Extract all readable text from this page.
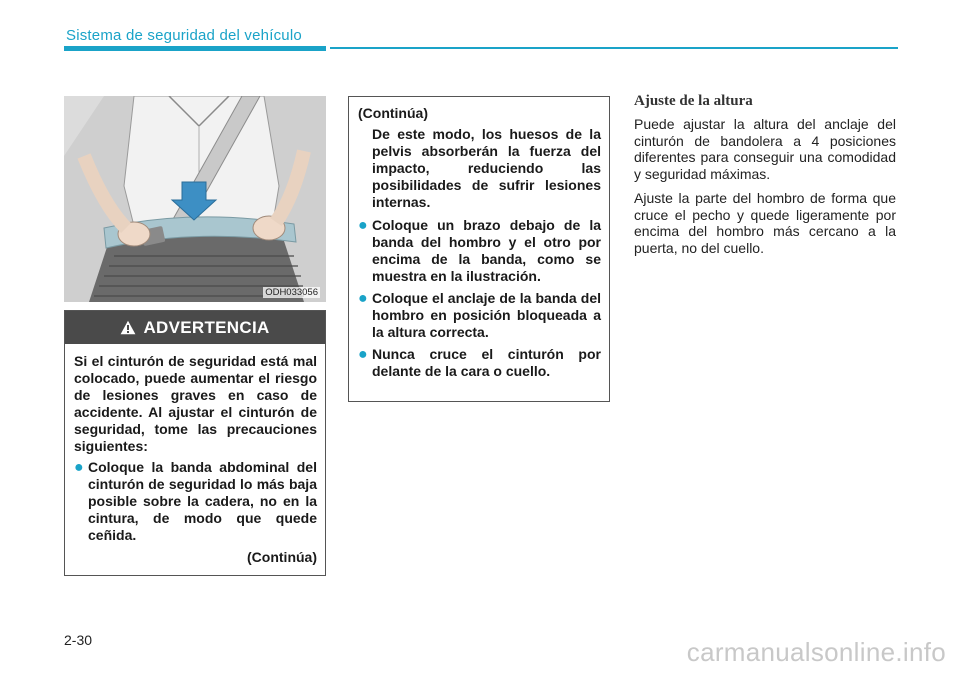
Sistema de seguridad del vehículo
ODH033056
ADVERTENCIA

Si el cinturón de seguridad está mal colocado, puede aumentar el riesgo de lesiones graves en caso de accidente. Al ajustar el cinturón de seguridad, tome las precauciones siguientes:

● Coloque la banda abdominal del cinturón de seguridad lo más baja posible sobre la cadera, no en la cintura, de modo que quede ceñida.
(Continúa)
(Continúa)
De este modo, los huesos de la pelvis absorberán la fuerza del impacto, reduciendo las posibilidades de sufrir lesiones internas.
● Coloque un brazo debajo de la banda del hombro y el otro por encima de la banda, como se muestra en la ilustración.
● Coloque el anclaje de la banda del hombro en posición bloqueada a la altura correcta.
● Nunca cruce el cinturón por delante de la cara o cuello.
Ajuste de la altura

Puede ajustar la altura del anclaje del cinturón de bandolera a 4 posiciones diferentes para conseguir una comodidad y seguridad máximas.

Ajuste la parte del hombro de forma que cruce el pecho y quede ligeramente por encima del hombro más cercano a la puerta, no del cuello.

2-30	carmanualsonline.info
